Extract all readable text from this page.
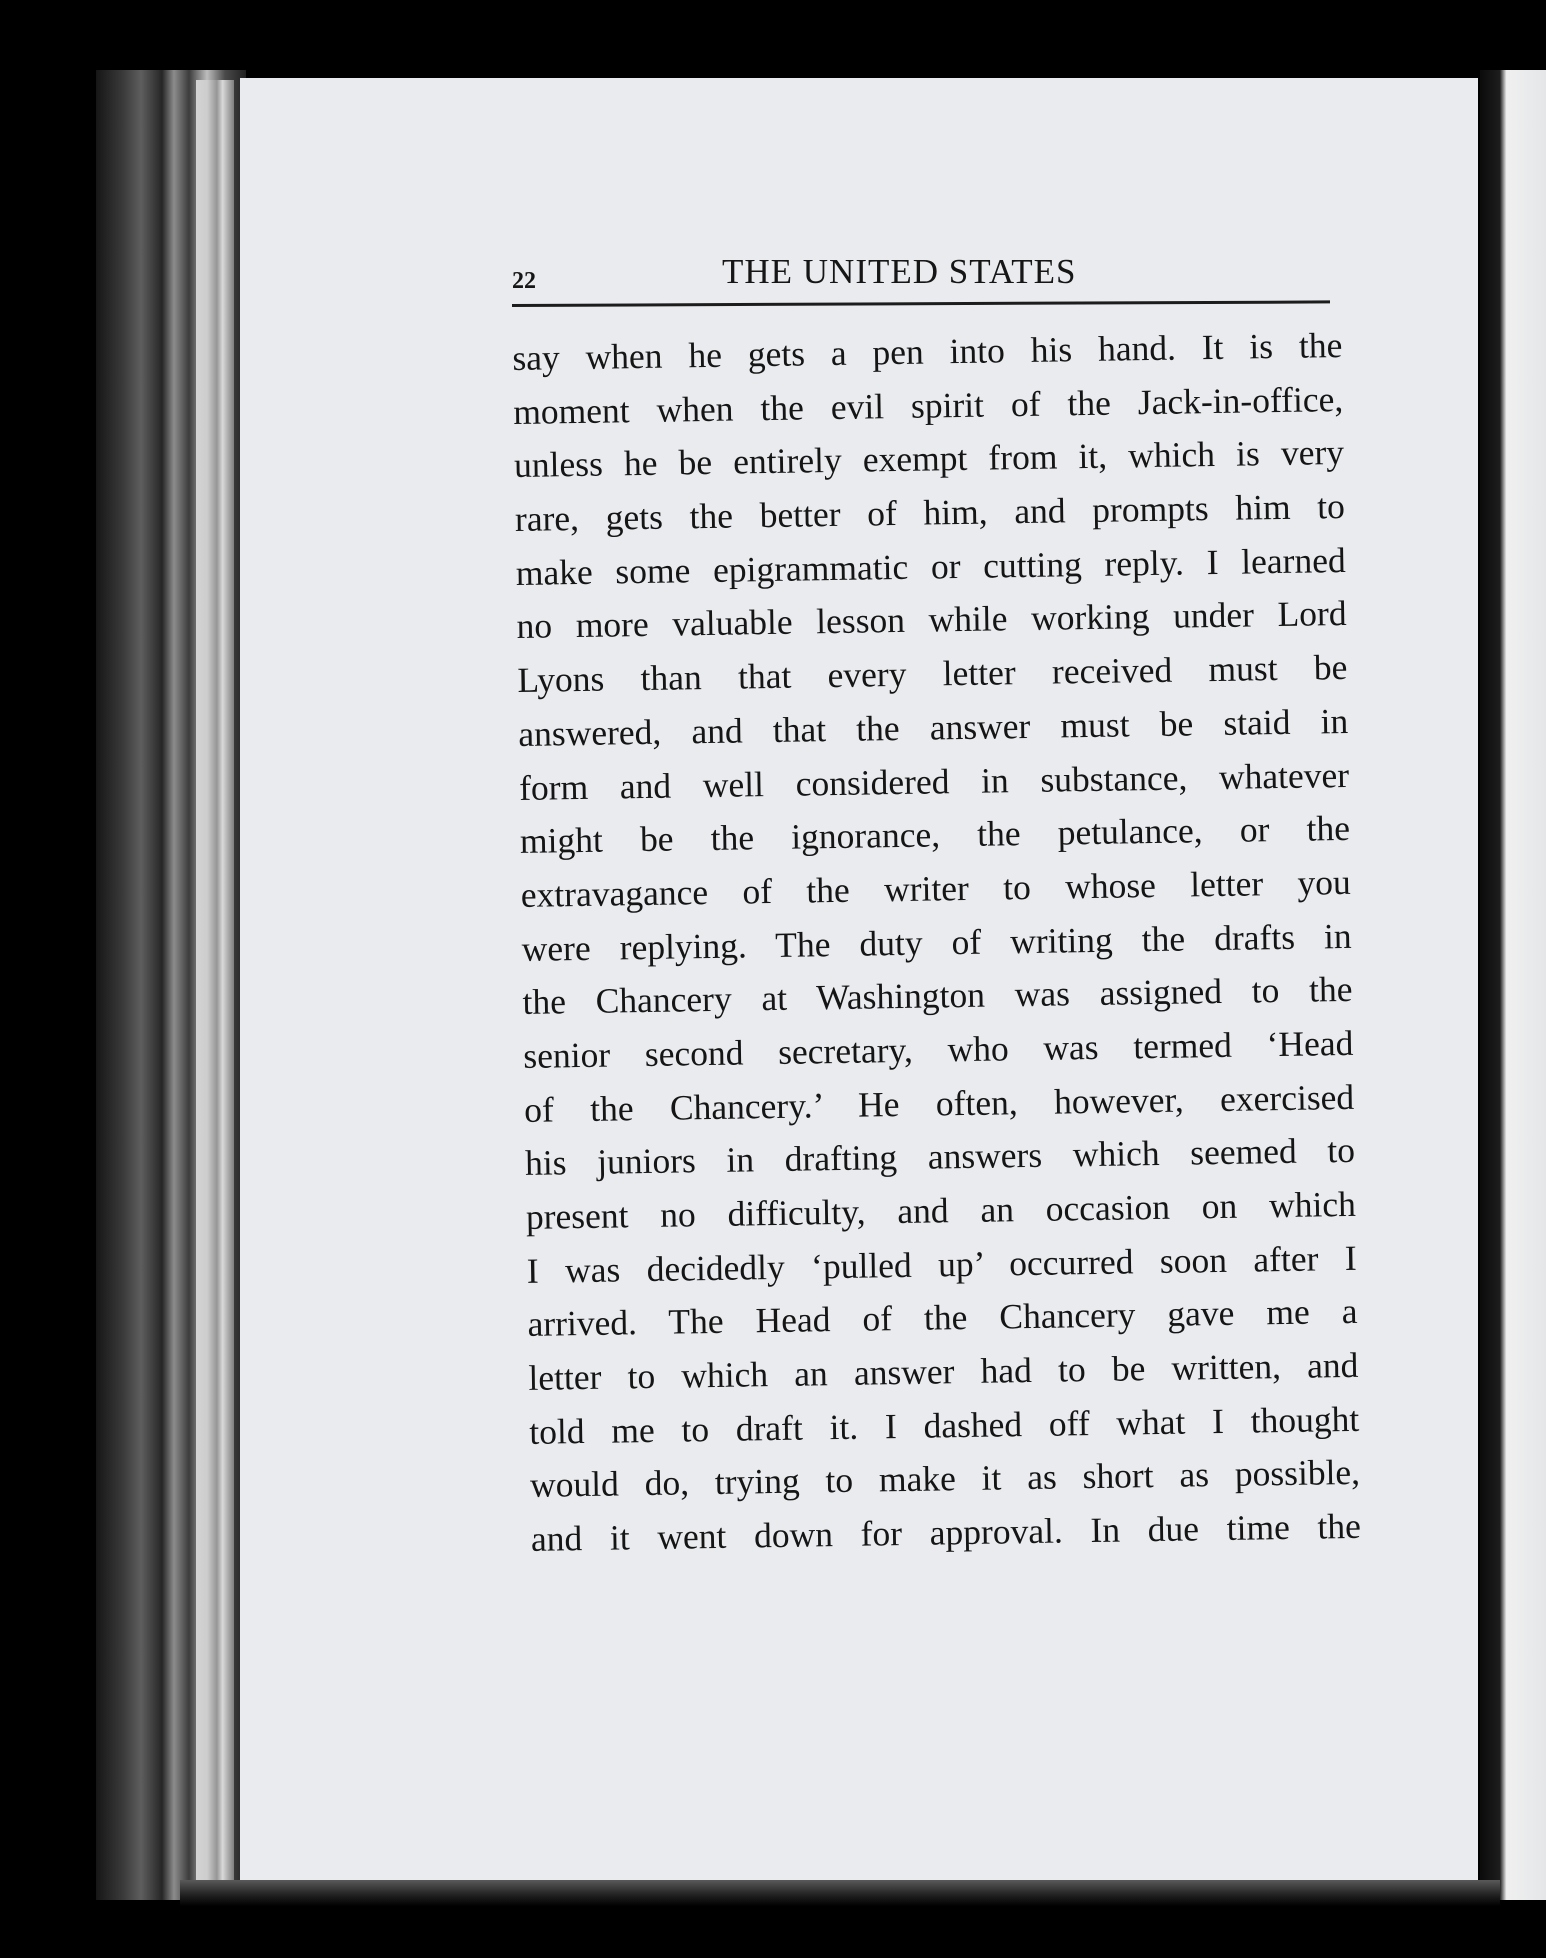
22	THE UNITED STATES
say when he gets a pen into his hand. It is the
moment when the evil spirit of the Jack-in-office,
unless he be entirely exempt from it, which is very
rare, gets the better of him, and prompts him to
make some epigrammatic or cutting reply. I learned
no more valuable lesson while working under Lord
Lyons than that every letter received must be
answered, and that the answer must be staid in
form and well considered in substance, whatever
might be the ignorance, the petulance, or the
extravagance of the writer to whose letter you
were replying. The duty of writing the drafts in
the Chancery at Washington was assigned to the
senior second secretary, who was termed ‘Head
of the Chancery.’ He often, however, exercised
his juniors in drafting answers which seemed to
present no difficulty, and an occasion on which
I was decidedly ‘pulled up’ occurred soon after I
arrived. The Head of the Chancery gave me a
letter to which an answer had to be written, and
told me to draft it. I dashed off what I thought
would do, trying to make it as short as possible,
and it went down for approval. In due time the
